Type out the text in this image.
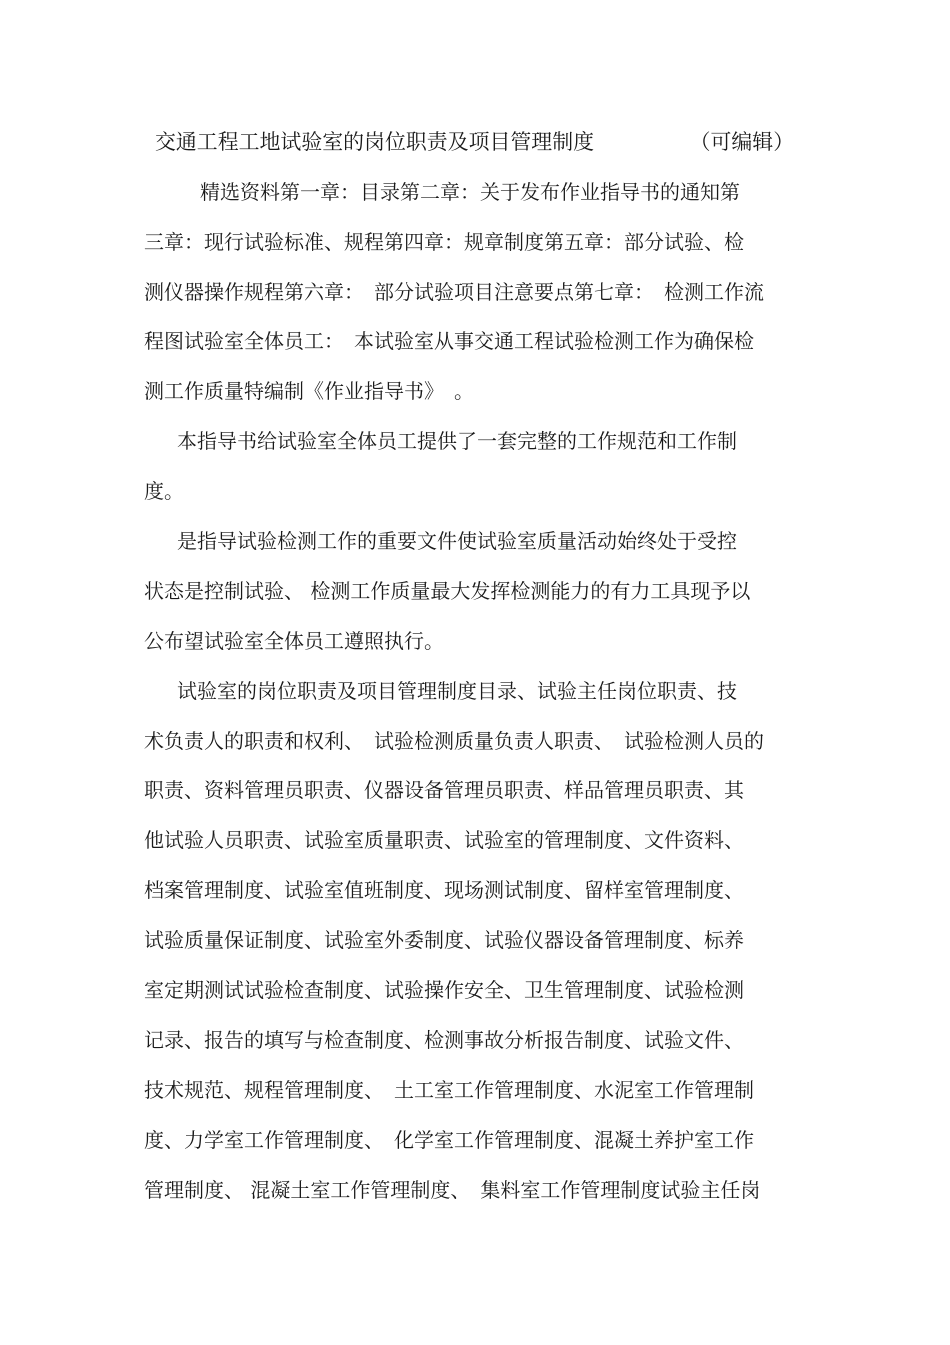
交通工程工地试验室的岗位职责及项目管理制度	（可编辑）
精选资料第一章：目录第二章：关于发布作业指导书的通知第
三章：现行试验标准、规程第四章：规章制度第五章：部分试验、检
测仪器操作规程第六章：　部分试验项目注意要点第七章：　检测工作流
程图试验室全体员工：　本试验室从事交通工程试验检测工作为确保检
测工作质量特编制《作业指导书》　。
本指导书给试验室全体员工提供了一套完整的工作规范和工作制
度。
是指导试验检测工作的重要文件使试验室质量活动始终处于受控
状态是控制试验、 检测工作质量最大发挥检测能力的有力工具现予以
公布望试验室全体员工遵照执行。
试验室的岗位职责及项目管理制度目录、试验主任岗位职责、技
术负责人的职责和权利、　试验检测质量负责人职责、　试验检测人员的
职责、资料管理员职责、仪器设备管理员职责、样品管理员职责、其
他试验人员职责、试验室质量职责、试验室的管理制度、文件资料、
档案管理制度、试验室值班制度、现场测试制度、留样室管理制度、
试验质量保证制度、试验室外委制度、试验仪器设备管理制度、标养
室定期测试试验检查制度、试验操作安全、卫生管理制度、试验检测
记录、报告的填写与检查制度、检测事故分析报告制度、试验文件、
技术规范、规程管理制度、　土工室工作管理制度、水泥室工作管理制
度、力学室工作管理制度、　化学室工作管理制度、混凝土养护室工作
管理制度、 混凝土室工作管理制度、　集料室工作管理制度试验主任岗
